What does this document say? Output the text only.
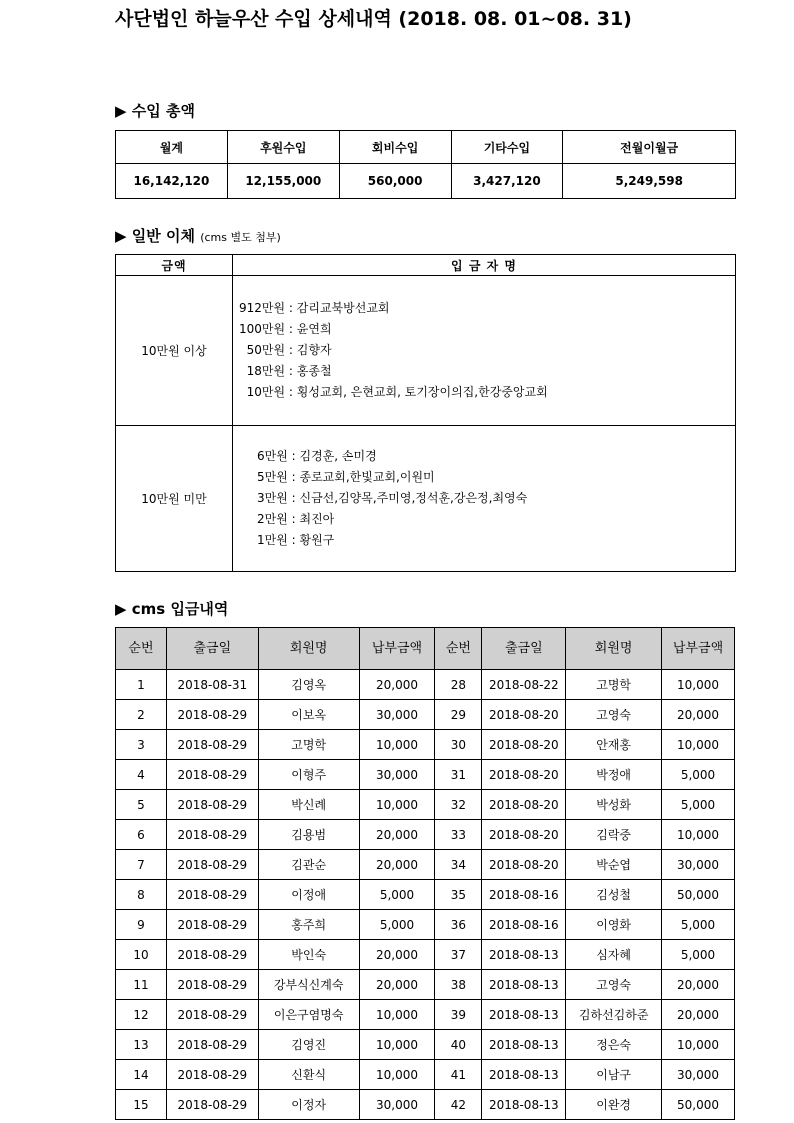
사단법인 하늘우산 수입 상세내역 (2018. 08. 01~08. 31)
▶ 수입 총액
월계	후원수입	회비수입	기타수입	전월이월금
16,142,120	12,155,000	560,000	3,427,120	5,249,598
▶ 일반 이체 (cms 별도 첨부)
금액	입 금 자 명
10만원 이상	912만원 : 감리교북방선교회
100만원 : 윤연희
50만원 : 김향자
18만원 : 홍종철
10만원 : 횡성교회, 은현교회, 토기장이의집,한강중앙교회

10만원 미만	6만원 : 김경훈, 손미경
5만원 : 종로교회,한빛교회,이원미
3만원 : 신금선,김양목,주미영,정석훈,강은정,최영숙
2만원 : 최진아
1만원 : 황원구
▶ cms 입금내역
순번	출금일	회원명	납부금액	순번	출금일	회원명	납부금액
1	2018-08-31	김영옥	20,000	28	2018-08-22	고명학	10,000
2	2018-08-29	이보옥	30,000	29	2018-08-20	고영숙	20,000
3	2018-08-29	고명학	10,000	30	2018-08-20	안재홍	10,000
4	2018-08-29	이형주	30,000	31	2018-08-20	박정애	5,000
5	2018-08-29	박신례	10,000	32	2018-08-20	박성화	5,000
6	2018-08-29	김용범	20,000	33	2018-08-20	김락중	10,000
7	2018-08-29	김관순	20,000	34	2018-08-20	박순엽	30,000
8	2018-08-29	이정애	5,000	35	2018-08-16	김성철	50,000
9	2018-08-29	홍주희	5,000	36	2018-08-16	이영화	5,000
10	2018-08-29	박인숙	20,000	37	2018-08-13	심자혜	5,000
11	2018-08-29	강부식신계숙	20,000	38	2018-08-13	고영숙	20,000
12	2018-08-29	이은구염명숙	10,000	39	2018-08-13	김하선김하준	20,000
13	2018-08-29	김영진	10,000	40	2018-08-13	정은숙	10,000
14	2018-08-29	신환식	10,000	41	2018-08-13	이남구	30,000
15	2018-08-29	이정자	30,000	42	2018-08-13	이완경	50,000
